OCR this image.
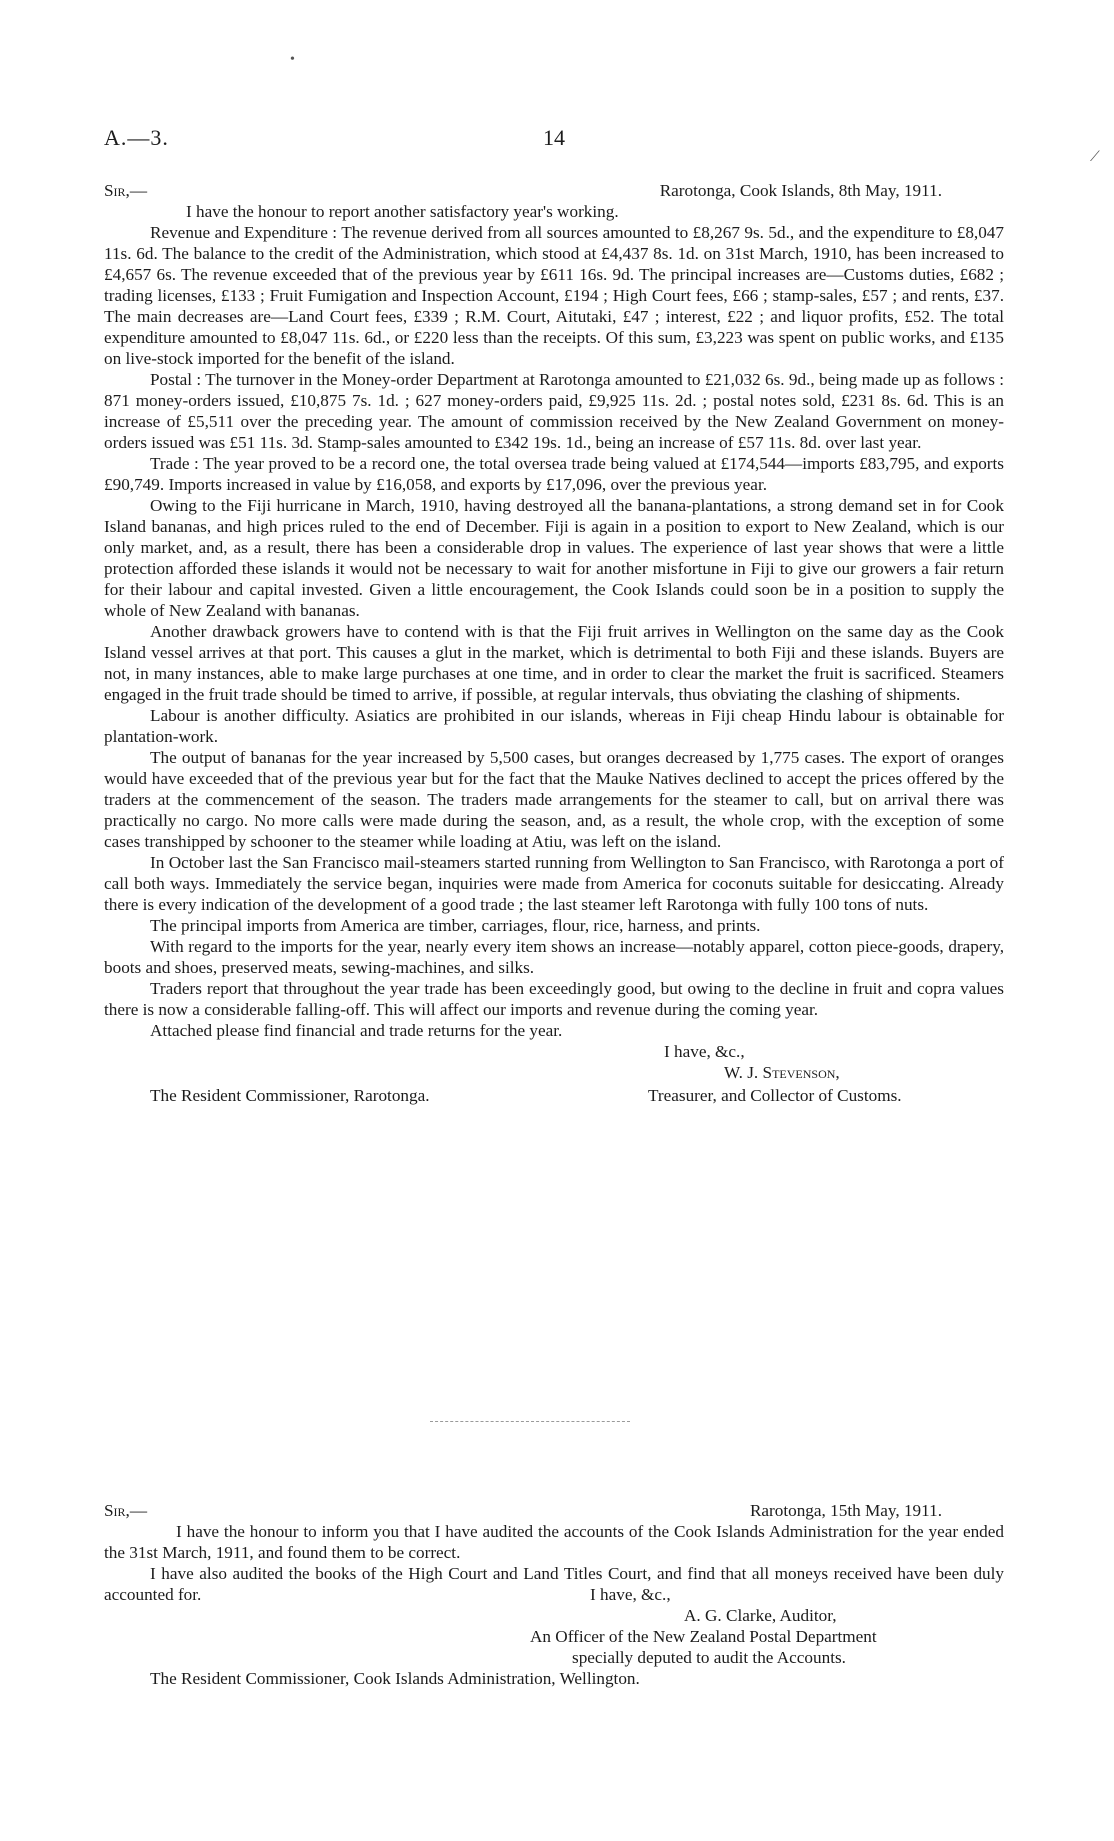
A.—3.	14
•
⟋
Sir,—	Rarotonga, Cook Islands, 8th May, 1911.

I have the honour to report another satisfactory year's working.

Revenue and Expenditure : The revenue derived from all sources amounted to £8,267 9s. 5d., and the expenditure to £8,047 11s. 6d. The balance to the credit of the Administration, which stood at £4,437 8s. 1d. on 31st March, 1910, has been increased to £4,657 6s. The revenue exceeded that of the previous year by £611 16s. 9d. The principal increases are—Customs duties, £682 ; trading licenses, £133 ; Fruit Fumigation and Inspection Account, £194 ; High Court fees, £66 ; stamp-sales, £57 ; and rents, £37. The main decreases are—Land Court fees, £339 ; R.M. Court, Aitutaki, £47 ; interest, £22 ; and liquor profits, £52. The total expenditure amounted to £8,047 11s. 6d., or £220 less than the receipts. Of this sum, £3,223 was spent on public works, and £135 on live-stock imported for the benefit of the island.

Postal : The turnover in the Money-order Department at Rarotonga amounted to £21,032 6s. 9d., being made up as follows : 871 money-orders issued, £10,875 7s. 1d. ; 627 money-orders paid, £9,925 11s. 2d. ; postal notes sold, £231 8s. 6d. This is an increase of £5,511 over the preceding year. The amount of commission received by the New Zealand Government on money-orders issued was £51 11s. 3d. Stamp-sales amounted to £342 19s. 1d., being an increase of £57 11s. 8d. over last year.

Trade : The year proved to be a record one, the total oversea trade being valued at £174,544—imports £83,795, and exports £90,749. Imports increased in value by £16,058, and exports by £17,096, over the previous year.

Owing to the Fiji hurricane in March, 1910, having destroyed all the banana-plantations, a strong demand set in for Cook Island bananas, and high prices ruled to the end of December. Fiji is again in a position to export to New Zealand, which is our only market, and, as a result, there has been a considerable drop in values. The experience of last year shows that were a little protection afforded these islands it would not be necessary to wait for another misfortune in Fiji to give our growers a fair return for their labour and capital invested. Given a little encouragement, the Cook Islands could soon be in a position to supply the whole of New Zealand with bananas.

Another drawback growers have to contend with is that the Fiji fruit arrives in Wellington on the same day as the Cook Island vessel arrives at that port. This causes a glut in the market, which is detrimental to both Fiji and these islands. Buyers are not, in many instances, able to make large purchases at one time, and in order to clear the market the fruit is sacrificed. Steamers engaged in the fruit trade should be timed to arrive, if possible, at regular intervals, thus obviating the clashing of shipments.

Labour is another difficulty. Asiatics are prohibited in our islands, whereas in Fiji cheap Hindu labour is obtainable for plantation-work.

The output of bananas for the year increased by 5,500 cases, but oranges decreased by 1,775 cases. The export of oranges would have exceeded that of the previous year but for the fact that the Mauke Natives declined to accept the prices offered by the traders at the commencement of the season. The traders made arrangements for the steamer to call, but on arrival there was practically no cargo. No more calls were made during the season, and, as a result, the whole crop, with the exception of some cases transhipped by schooner to the steamer while loading at Atiu, was left on the island.

In October last the San Francisco mail-steamers started running from Wellington to San Francisco, with Rarotonga a port of call both ways. Immediately the service began, inquiries were made from America for coconuts suitable for desiccating. Already there is every indication of the development of a good trade ; the last steamer left Rarotonga with fully 100 tons of nuts.

The principal imports from America are timber, carriages, flour, rice, harness, and prints.

With regard to the imports for the year, nearly every item shows an increase—notably apparel, cotton piece-goods, drapery, boots and shoes, preserved meats, sewing-machines, and silks.

Traders report that throughout the year trade has been exceedingly good, but owing to the decline in fruit and copra values there is now a considerable falling-off. This will affect our imports and revenue during the coming year.

Attached please find financial and trade returns for the year.

I have, &c.,
W. J. Stevenson,
The Resident Commissioner, Rarotonga.	Treasurer, and Collector of Customs.
Sir,—	Rarotonga, 15th May, 1911.

I have the honour to inform you that I have audited the accounts of the Cook Islands Administration for the year ended the 31st March, 1911, and found them to be correct.

I have also audited the books of the High Court and Land Titles Court, and find that all moneys received have been duly accounted for.	I have, &c.,
A. G. Clarke, Auditor,
An Officer of the New Zealand Postal Department
specially deputed to audit the Accounts.
The Resident Commissioner, Cook Islands Administration, Wellington.
